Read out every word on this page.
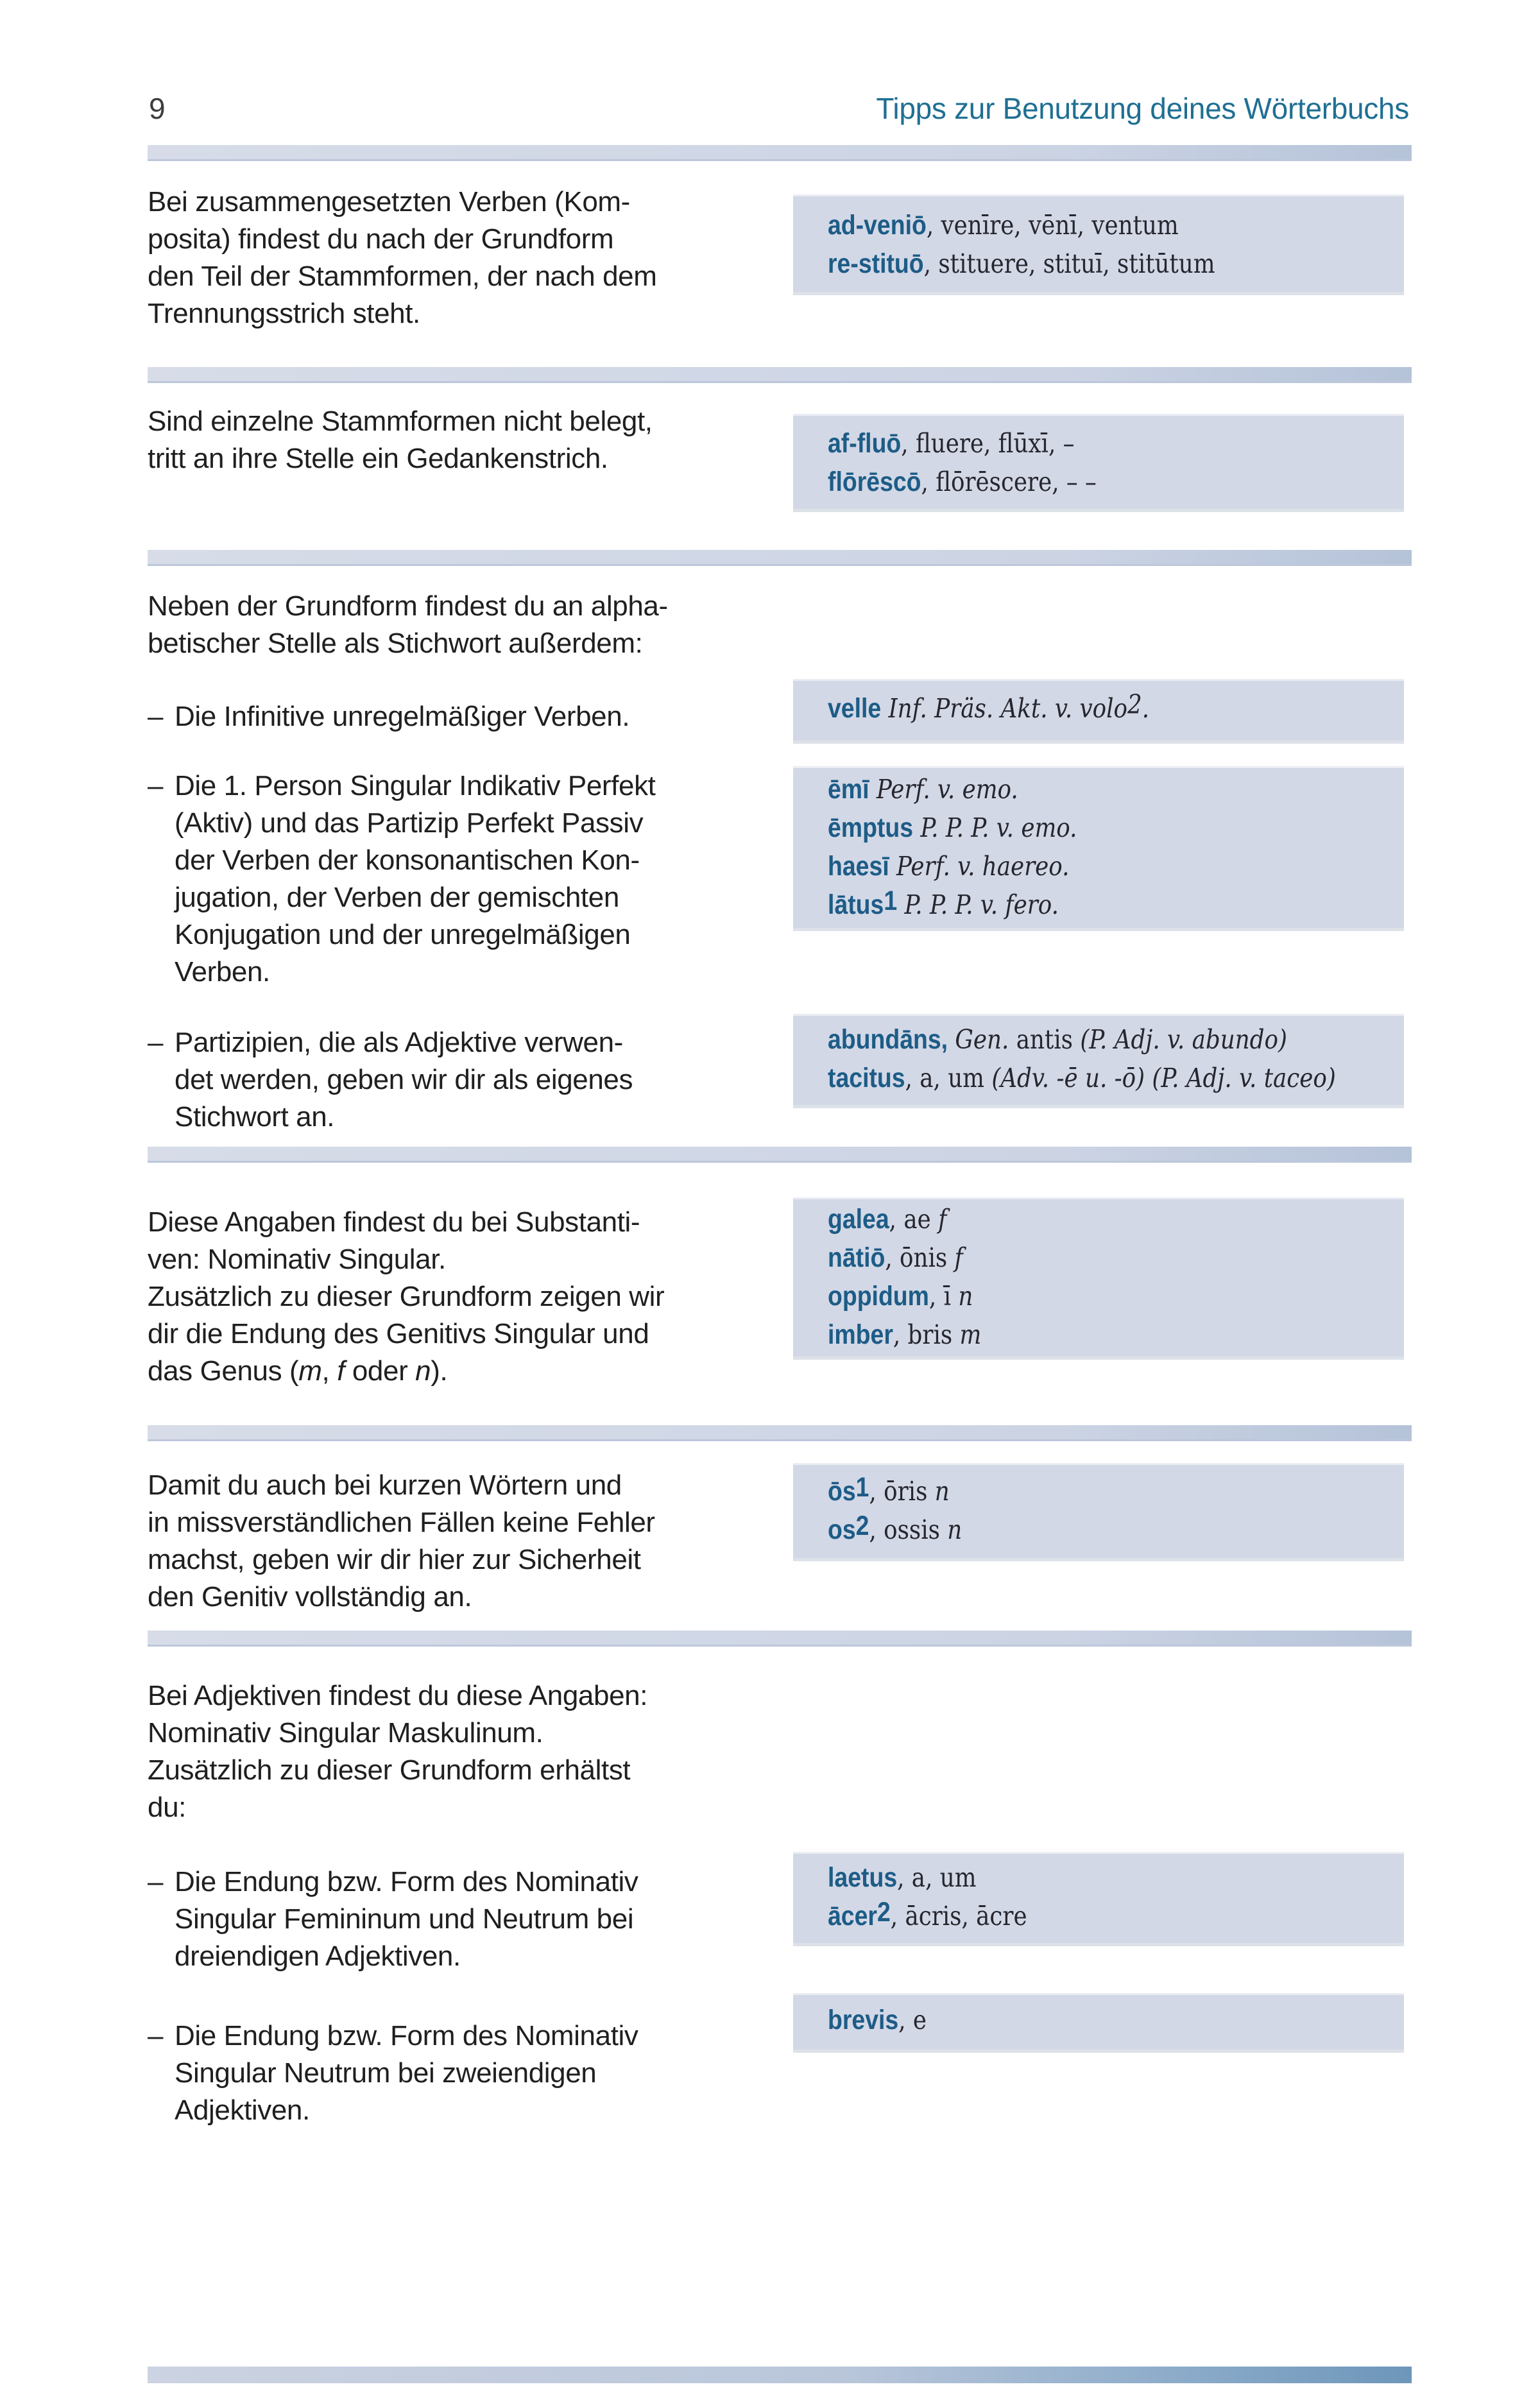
9	Tipps zur Benutzung deines Wörterbuchs
Bei zusammengesetzten Verben (Kom-
posita) findest du nach der Grundform
den Teil der Stammformen, der nach dem
Trennungsstrich steht.
Sind einzelne Stammformen nicht belegt,
tritt an ihre Stelle ein Gedankenstrich.
Neben der Grundform findest du an alpha-
betischer Stelle als Stichwort außerdem:
–Die Infinitive unregelmäßiger Verben.
–Die 1. Person Singular Indikativ Perfekt
(Aktiv) und das Partizip Perfekt Passiv
der Verben der konsonantischen Kon-
jugation, der Verben der gemischten
Konjugation und der unregelmäßigen
Verben.
–Partizipien, die als Adjektive verwen-
det werden, geben wir dir als eigenes
Stichwort an.
Diese Angaben findest du bei Substanti-
ven: Nominativ Singular.
Zusätzlich zu dieser Grundform zeigen wir
dir die Endung des Genitivs Singular und
das Genus (m, f oder n).
Damit du auch bei kurzen Wörtern und
in missverständlichen Fällen keine Fehler
machst, geben wir dir hier zur Sicherheit
den Genitiv vollständig an.
Bei Adjektiven findest du diese Angaben:
Nominativ Singular Maskulinum.
Zusätzlich zu dieser Grundform erhältst
du:
–Die Endung bzw. Form des Nominativ
Singular Femininum und Neutrum bei
dreiendigen Adjektiven.
–Die Endung bzw. Form des Nominativ
Singular Neutrum bei zweiendigen
Adjektiven.
ad-veniō, venīre, vēnī, ventum
re-stituō, stituere, stituī, stitūtum
af-fluō, fluere, flūxī, –
flōrēscō, flōrēscere, – –
velle Inf. Präs. Akt. v. volo$^2$.
ēmī Perf. v. emo.
ēmptus P. P. P. v. emo.
haesī Perf. v. haereo.
lātus$^1$ P. P. P. v. fero.
abundāns, Gen. antis (P. Adj. v. abundo)
tacitus, a, um (Adv. -ē u. -ō) (P. Adj. v. taceo)
galea, ae f
nātiō, ōnis f
oppidum, ī n
imber, bris m
$ōs^1$, ōris n
$os^2$, ossis n
laetus, a, um
ācer$^2$, ācris, ācre
brevis, e
